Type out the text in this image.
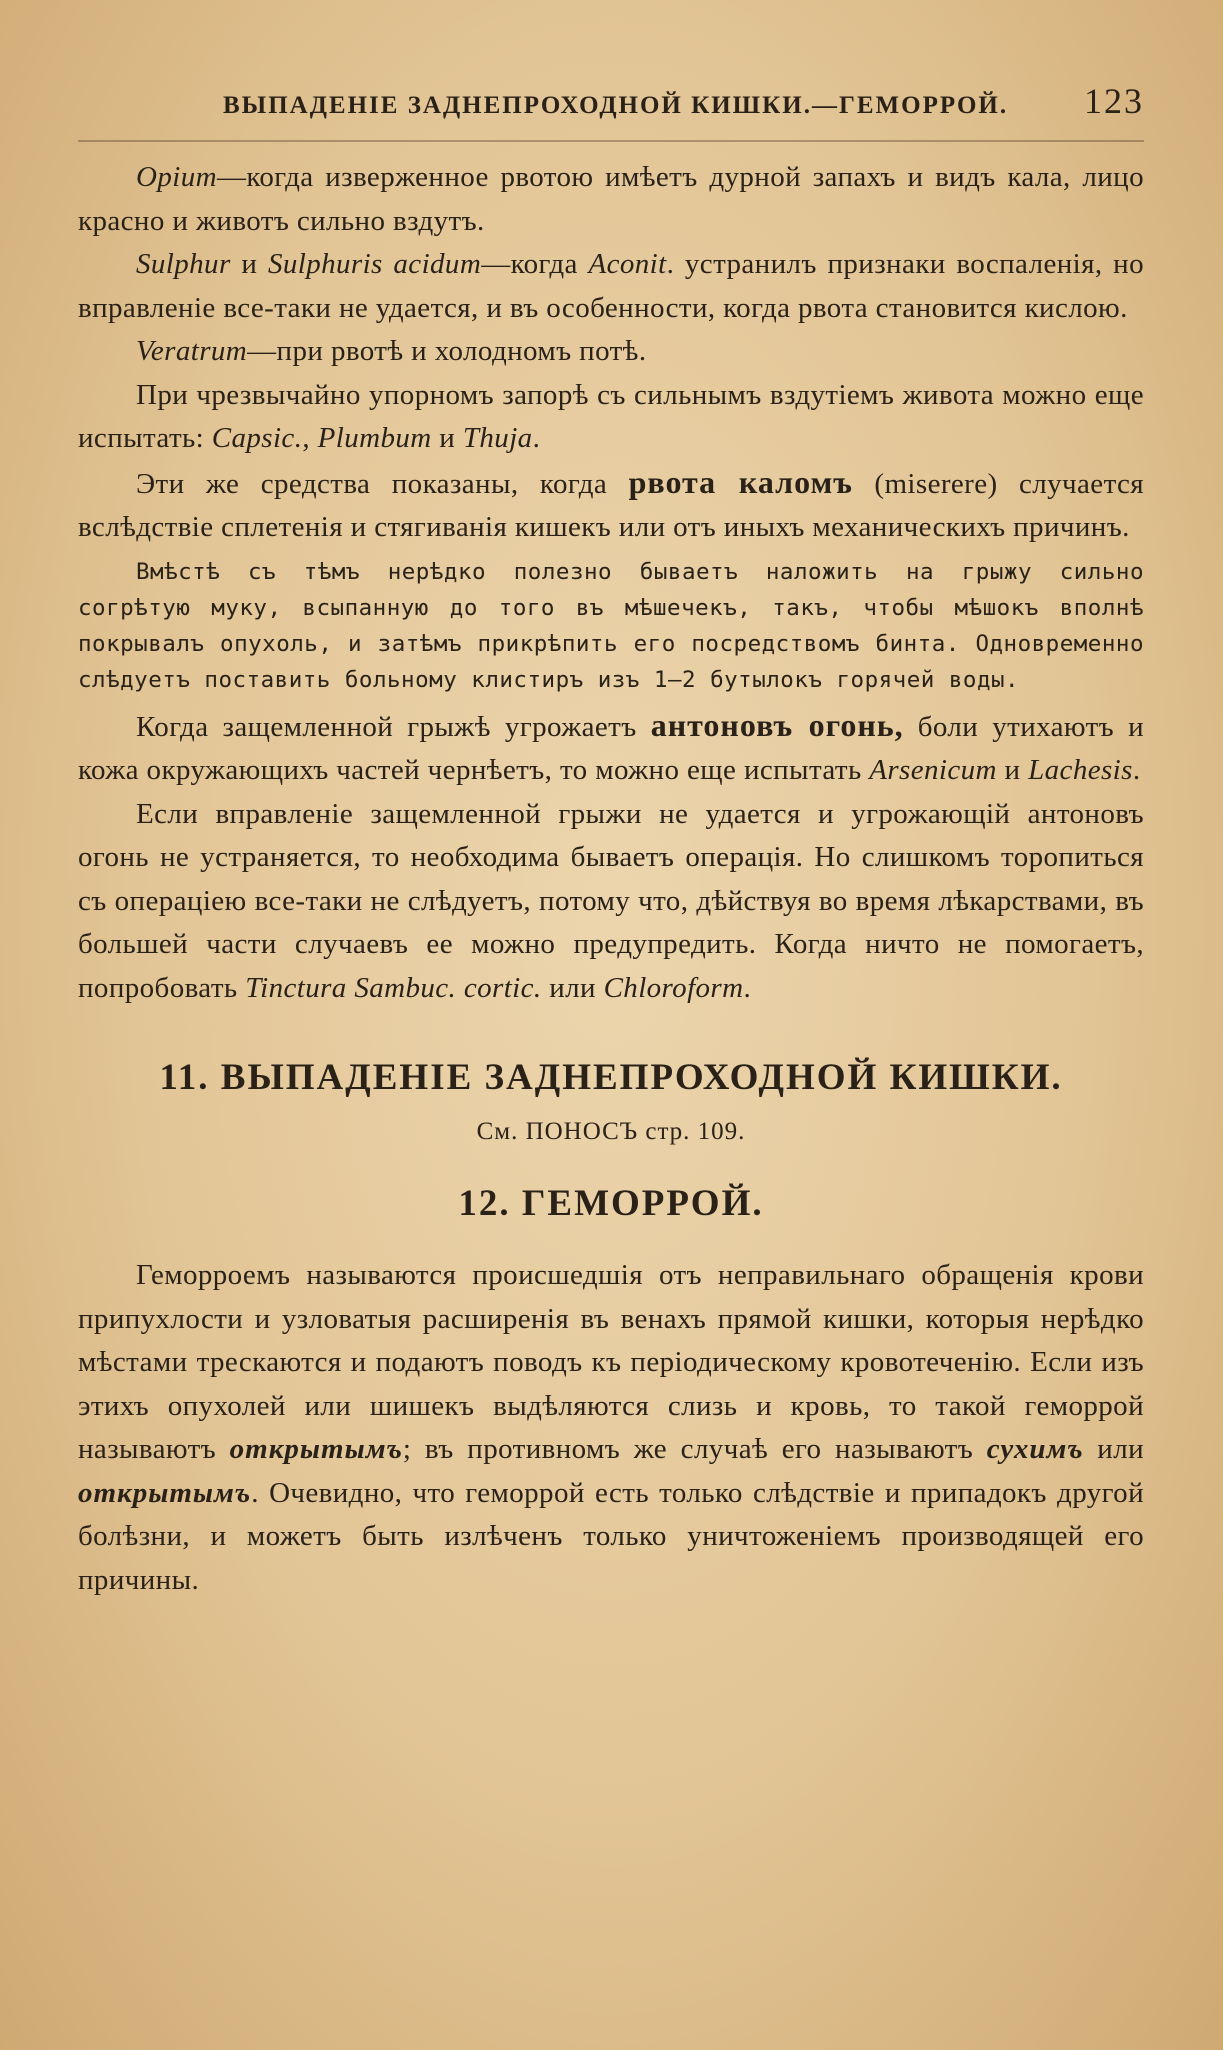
ВЫПАДЕНІЕ ЗАДНЕПРОХОДНОЙ КИШКИ.—ГЕМОРРОЙ. 123

Opium—когда изверженное рвотою имѣетъ дурной запахъ и видъ кала, лицо красно и животъ сильно вздутъ.

Sulphur и Sulphuris acidum—когда Aconit. устранилъ признаки воспаленія, но вправленіе все-таки не удается, и въ особенности, когда рвота становится кислою.

Veratrum—при рвотѣ и холодномъ потѣ.

При чрезвычайно упорномъ запорѣ съ сильнымъ вздутіемъ живота можно еще испытать: Capsic., Plumbum и Thuja.

Эти же средства показаны, когда рвота каломъ (miserere) случается вслѣдствіе сплетенія и стягиванія кишекъ или отъ иныхъ механическихъ причинъ.

Вмѣстѣ съ тѣмъ нерѣдко полезно бываетъ наложить на грыжу сильно согрѣтую муку, всыпанную до того въ мѣшечекъ, такъ, чтобы мѣшокъ вполнѣ покрывалъ опухоль, и затѣмъ прикрѣпить его посредствомъ бинта. Одновременно слѣдуетъ поставить больному клистиръ изъ 1—2 бутылокъ горячей воды.

Когда защемленной грыжѣ угрожаетъ антоновъ огонь, боли утихаютъ и кожа окружающихъ частей чернѣетъ, то можно еще испытать Arsenicum и Lachesis.

Если вправленіе защемленной грыжи не удается и угрожающій антоновъ огонь не устраняется, то необходима бываетъ операція. Но слишкомъ торопиться съ операціею все-таки не слѣдуетъ, потому что, дѣйствуя во время лѣкарствами, въ большей части случаевъ ее можно предупредить. Когда ничто не помогаетъ, попробовать Tinctura Sambuc. cortic. или Chloroform.

11. ВЫПАДЕНІЕ ЗАДНЕПРОХОДНОЙ КИШКИ.
См. ПОНОСЪ стр. 109.
12. ГЕМОРРОЙ.

Геморроемъ называются происшедшія отъ неправильнаго обращенія крови припухлости и узловатыя расширенія въ венахъ прямой кишки, которыя нерѣдко мѣстами трескаются и подаютъ поводъ къ періодическому кровотеченію. Если изъ этихъ опухолей или шишекъ выдѣляются слизь и кровь, то такой геморрой называютъ открытымъ; въ противномъ же случаѣ его называютъ сухимъ или открытымъ. Очевидно, что геморрой есть только слѣдствіе и припадокъ другой болѣзни, и можетъ быть излѣченъ только уничтоженіемъ производящей его причины.
